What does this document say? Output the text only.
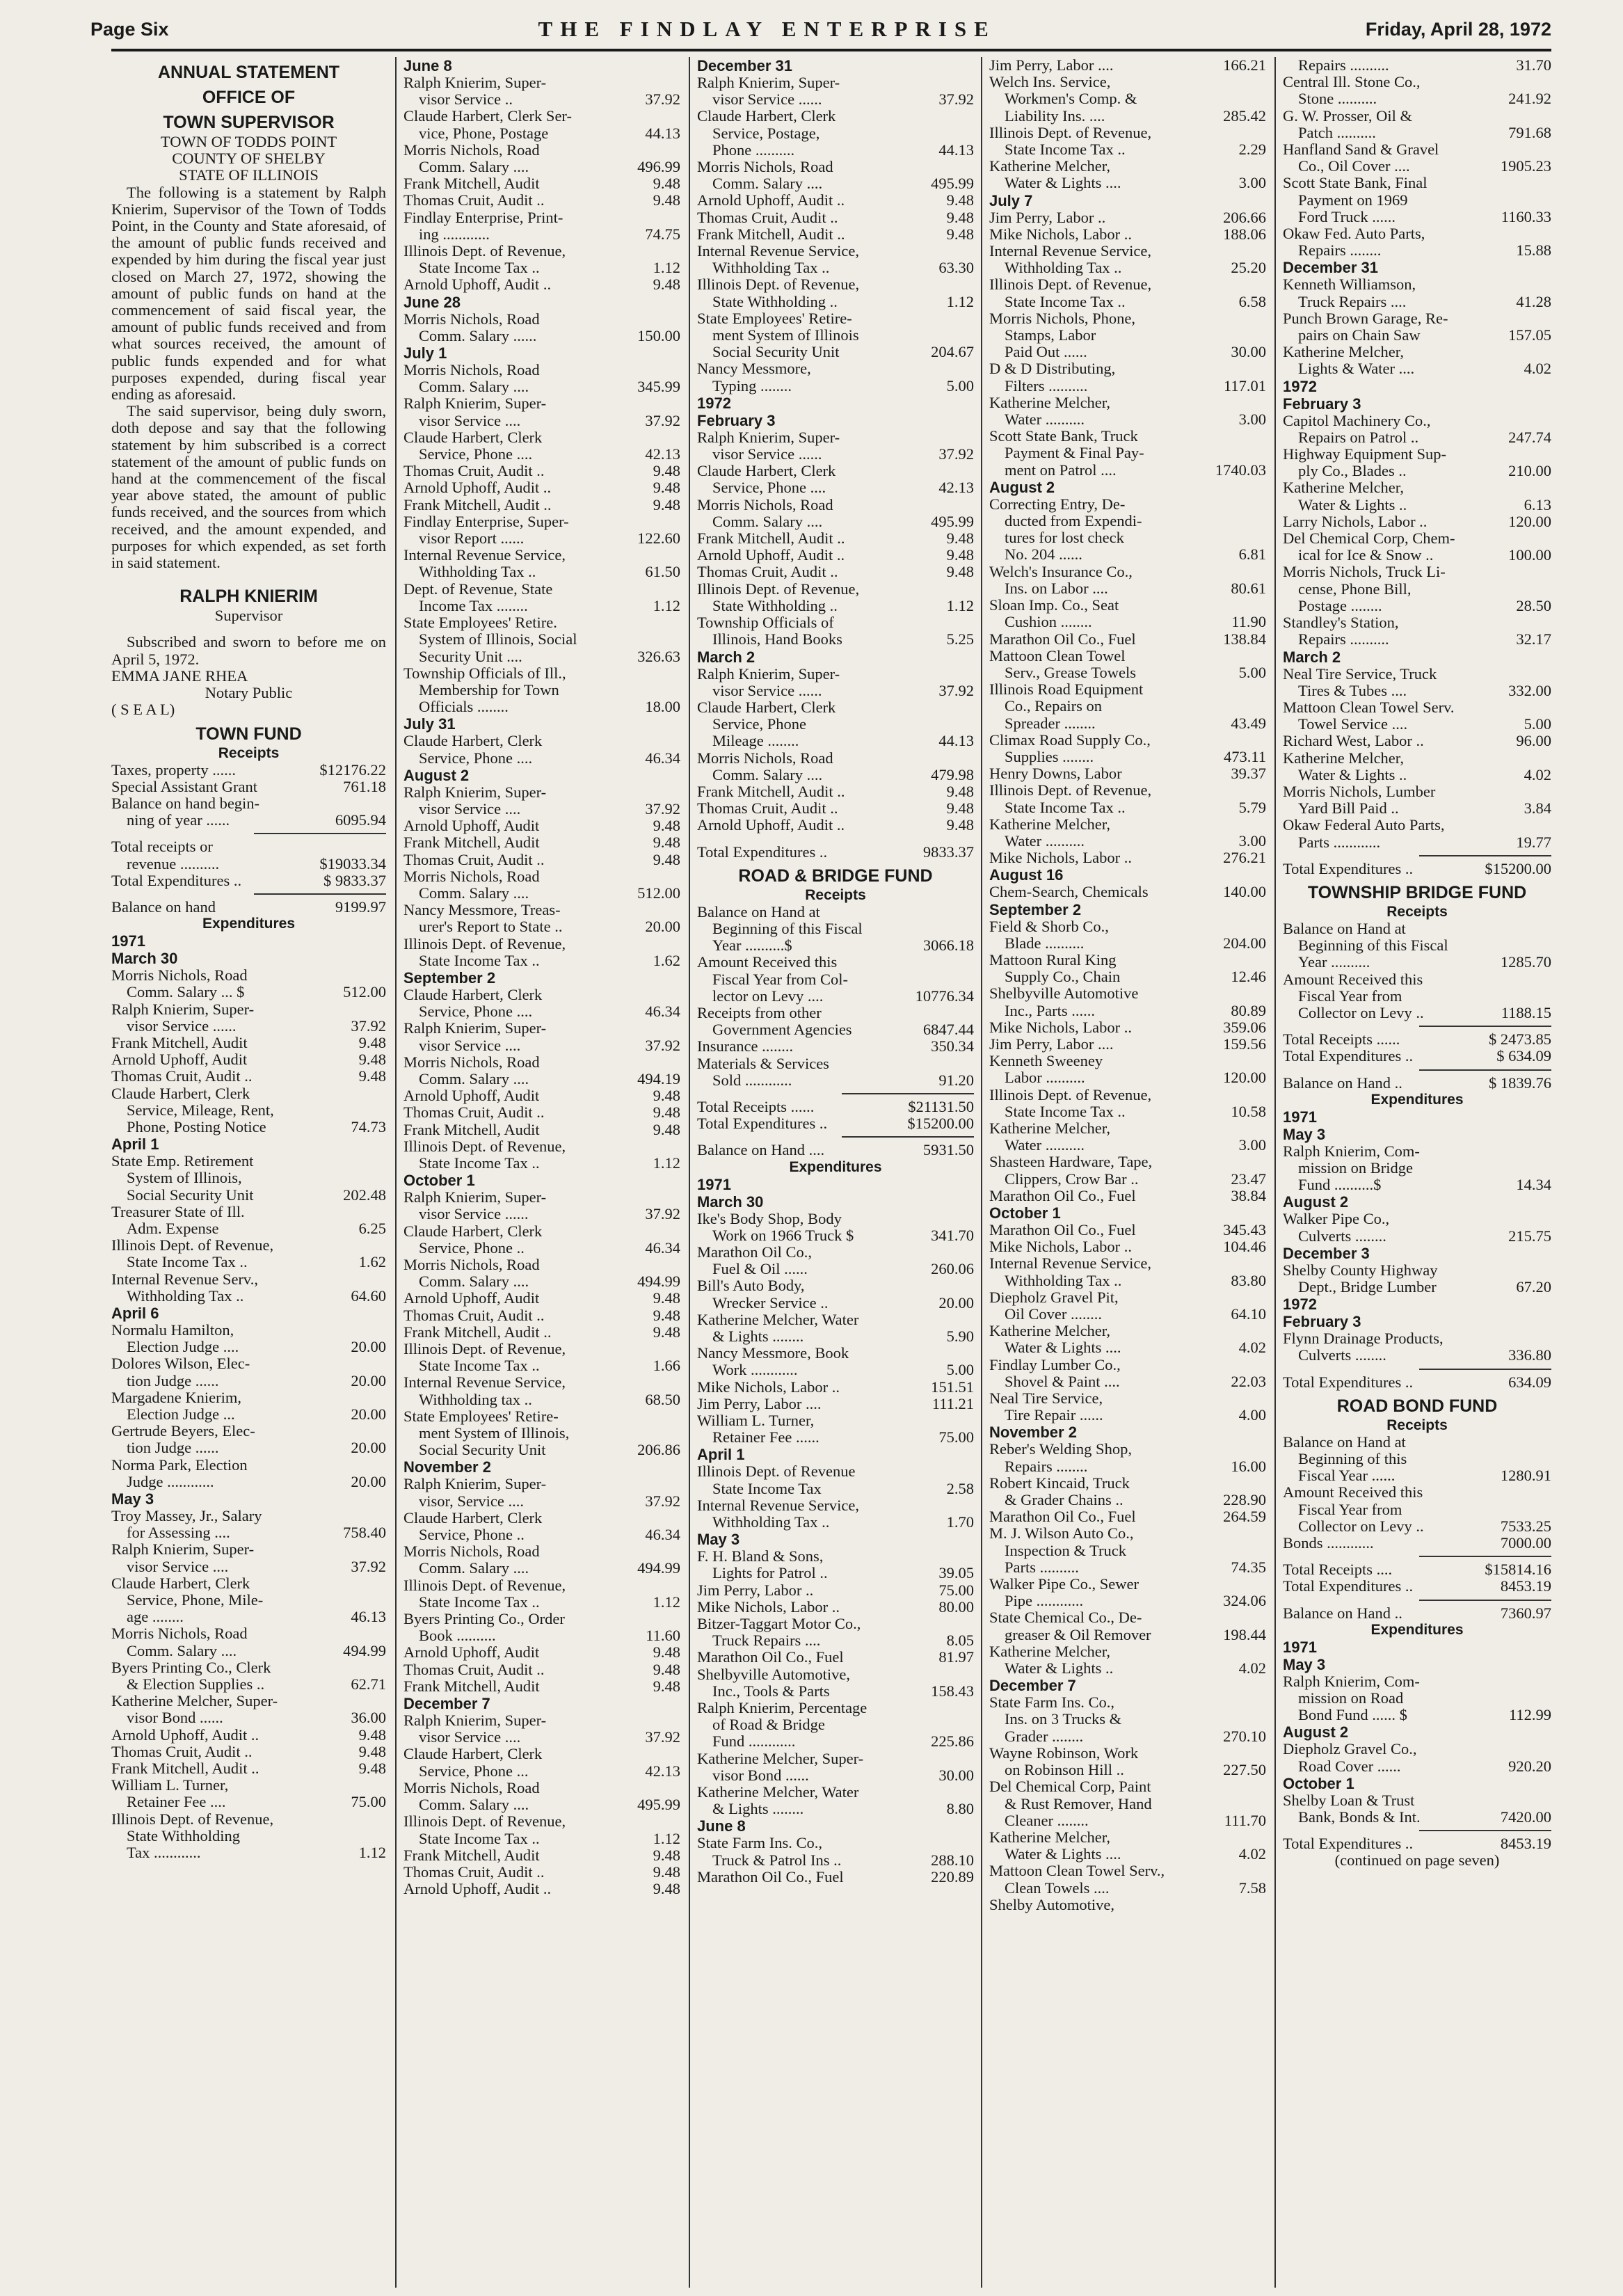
Page Six	THE FINDLAY ENTERPRISE	Friday, April 28, 1972
ANNUAL STATEMENT
OFFICE OF
TOWN SUPERVISOR
TOWN OF TODDS POINT
COUNTY OF SHELBY
STATE OF ILLINOIS
The following is a statement by Ralph Knierim, Supervisor of the Town of Todds Point, in the County and State aforesaid, of the amount of public funds received and expended by him during the fiscal year just closed on March 27, 1972, showing the amount of public funds on hand at the commencement of said fiscal year, the amount of public funds received and from what sources received, the amount of public funds expended and for what purposes expended, during fiscal year ending as aforesaid.
The said supervisor, being duly sworn, doth depose and say that the following statement by him subscribed is a correct statement of the amount of public funds on hand at the commencement of the fiscal year above stated, the amount of public funds received, and the sources from which received, and the amount expended, and purposes for which expended, as set forth in said statement.
RALPH KNIERIM
Supervisor
Subscribed and sworn to before me on April 5, 1972.
EMMA JANE RHEA
Notary Public
( S E A L)
TOWN FUND
Receipts
Taxes, property ......	$12176.22
Special Assistant Grant	761.18
Balance on hand begin-
ning of year ......	6095.94
Total receipts or
revenue ..........	$19033.34
Total Expenditures ..	$ 9833.37
Balance on hand	9199.97
Expenditures
1971
March 30
Morris Nichols, Road
Comm. Salary ... $	512.00
Ralph Knierim, Super-
visor Service ......	37.92
Frank Mitchell, Audit	9.48
Arnold Uphoff, Audit	9.48
Thomas Cruit, Audit ..	9.48
Claude Harbert, Clerk
Service, Mileage, Rent,
Phone, Posting Notice	74.73
April 1
State Emp. Retirement
System of Illinois,
Social Security Unit	202.48
Treasurer State of Ill.
Adm. Expense	6.25
Illinois Dept. of Revenue,
State Income Tax ..	1.62
Internal Revenue Serv.,
Withholding Tax ..	64.60
April 6
Normalu Hamilton,
Election Judge ....	20.00
Dolores Wilson, Elec-
tion Judge ......	20.00
Margadene Knierim,
Election Judge ...	20.00
Gertrude Beyers, Elec-
tion Judge ......	20.00
Norma Park, Election
Judge ............	20.00
May 3
Troy Massey, Jr., Salary
for Assessing ....	758.40
Ralph Knierim, Super-
visor Service ....	37.92
Claude Harbert, Clerk
Service, Phone, Mile-
age ........	46.13
Morris Nichols, Road
Comm. Salary ....	494.99
Byers Printing Co., Clerk
& Election Supplies ..	62.71
Katherine Melcher, Super-
visor Bond ......	36.00
Arnold Uphoff, Audit ..	9.48
Thomas Cruit, Audit ..	9.48
Frank Mitchell, Audit ..	9.48
William L. Turner,
Retainer Fee ....	75.00
Illinois Dept. of Revenue,
State Withholding
Tax ............	1.12
June 8
Ralph Knierim, Super-
visor Service ..	37.92
Claude Harbert, Clerk Ser-
vice, Phone, Postage	44.13
Morris Nichols, Road
Comm. Salary ....	496.99
Frank Mitchell, Audit	9.48
Thomas Cruit, Audit ..	9.48
Findlay Enterprise, Print-
ing ............	74.75
Illinois Dept. of Revenue,
State Income Tax ..	1.12
Arnold Uphoff, Audit ..	9.48
June 28
Morris Nichols, Road
Comm. Salary ......	150.00
July 1
Morris Nichols, Road
Comm. Salary ....	345.99
Ralph Knierim, Super-
visor Service ....	37.92
Claude Harbert, Clerk
Service, Phone ....	42.13
Thomas Cruit, Audit ..	9.48
Arnold Uphoff, Audit ..	9.48
Frank Mitchell, Audit ..	9.48
Findlay Enterprise, Super-
visor Report ......	122.60
Internal Revenue Service,
Withholding Tax ..	61.50
Dept. of Revenue, State
Income Tax ........	1.12
State Employees' Retire.
System of Illinois, Social
Security Unit ....	326.63
Township Officials of Ill.,
Membership for Town
Officials ........	18.00
July 31
Claude Harbert, Clerk
Service, Phone ....	46.34
August 2
Ralph Knierim, Super-
visor Service ....	37.92
Arnold Uphoff, Audit	9.48
Frank Mitchell, Audit	9.48
Thomas Cruit, Audit ..	9.48
Morris Nichols, Road
Comm. Salary ....	512.00
Nancy Messmore, Treas-
urer's Report to State ..	20.00
Illinois Dept. of Revenue,
State Income Tax ..	1.62
September 2
Claude Harbert, Clerk
Service, Phone ....	46.34
Ralph Knierim, Super-
visor Service ....	37.92
Morris Nichols, Road
Comm. Salary ....	494.19
Arnold Uphoff, Audit	9.48
Thomas Cruit, Audit ..	9.48
Frank Mitchell, Audit	9.48
Illinois Dept. of Revenue,
State Income Tax ..	1.12
October 1
Ralph Knierim, Super-
visor Service ......	37.92
Claude Harbert, Clerk
Service, Phone ..	46.34
Morris Nichols, Road
Comm. Salary ....	494.99
Arnold Uphoff, Audit	9.48
Thomas Cruit, Audit ..	9.48
Frank Mitchell, Audit ..	9.48
Illinois Dept. of Revenue,
State Income Tax ..	1.66
Internal Revenue Service,
Withholding tax ..	68.50
State Employees' Retire-
ment System of Illinois,
Social Security Unit	206.86
November 2
Ralph Knierim, Super-
visor, Service ....	37.92
Claude Harbert, Clerk
Service, Phone ..	46.34
Morris Nichols, Road
Comm. Salary ....	494.99
Illinois Dept. of Revenue,
State Income Tax ..	1.12
Byers Printing Co., Order
Book ..........	11.60
Arnold Uphoff, Audit	9.48
Thomas Cruit, Audit ..	9.48
Frank Mitchell, Audit	9.48
December 7
Ralph Knierim, Super-
visor Service ....	37.92
Claude Harbert, Clerk
Service, Phone ...	42.13
Morris Nichols, Road
Comm. Salary ....	495.99
Illinois Dept. of Revenue,
State Income Tax ..	1.12
Frank Mitchell, Audit	9.48
Thomas Cruit, Audit ..	9.48
Arnold Uphoff, Audit ..	9.48
December 31
Ralph Knierim, Super-
visor Service ......	37.92
Claude Harbert, Clerk
Service, Postage,
Phone ..........	44.13
Morris Nichols, Road
Comm. Salary ....	495.99
Arnold Uphoff, Audit ..	9.48
Thomas Cruit, Audit ..	9.48
Frank Mitchell, Audit ..	9.48
Internal Revenue Service,
Withholding Tax ..	63.30
Illinois Dept. of Revenue,
State Withholding ..	1.12
State Employees' Retire-
ment System of Illinois
Social Security Unit	204.67
Nancy Messmore,
Typing ........	5.00
1972
February 3
Ralph Knierim, Super-
visor Service ......	37.92
Claude Harbert, Clerk
Service, Phone ....	42.13
Morris Nichols, Road
Comm. Salary ....	495.99
Frank Mitchell, Audit ..	9.48
Arnold Uphoff, Audit ..	9.48
Thomas Cruit, Audit ..	9.48
Illinois Dept. of Revenue,
State Withholding ..	1.12
Township Officials of
Illinois, Hand Books	5.25
March 2
Ralph Knierim, Super-
visor Service ......	37.92
Claude Harbert, Clerk
Service, Phone
Mileage ........	44.13
Morris Nichols, Road
Comm. Salary ....	479.98
Frank Mitchell, Audit ..	9.48
Thomas Cruit, Audit ..	9.48
Arnold Uphoff, Audit ..	9.48
Total Expenditures ..	9833.37
ROAD & BRIDGE FUND
Receipts
Balance on Hand at
Beginning of this Fiscal
Year ..........$	3066.18
Amount Received this
Fiscal Year from Col-
lector on Levy ....	10776.34
Receipts from other
Government Agencies	6847.44
Insurance ........	350.34
Materials & Services
Sold ............	91.20
Total Receipts ......	$21131.50
Total Expenditures ..	$15200.00
Balance on Hand ....	5931.50
Expenditures
1971
March 30
Ike's Body Shop, Body
Work on 1966 Truck $	341.70
Marathon Oil Co.,
Fuel & Oil ......	260.06
Bill's Auto Body,
Wrecker Service ..	20.00
Katherine Melcher, Water
& Lights ........	5.90
Nancy Messmore, Book
Work ............	5.00
Mike Nichols, Labor ..	151.51
Jim Perry, Labor ....	111.21
William L. Turner,
Retainer Fee ......	75.00
April 1
Illinois Dept. of Revenue
State Income Tax	2.58
Internal Revenue Service,
Withholding Tax ..	1.70
May 3
F. H. Bland & Sons,
Lights for Patrol ..	39.05
Jim Perry, Labor ..	75.00
Mike Nichols, Labor ..	80.00
Bitzer-Taggart Motor Co.,
Truck Repairs ....	8.05
Marathon Oil Co., Fuel	81.97
Shelbyville Automotive,
Inc., Tools & Parts	158.43
Ralph Knierim, Percentage
of Road & Bridge
Fund ............	225.86
Katherine Melcher, Super-
visor Bond ......	30.00
Katherine Melcher, Water
& Lights ........	8.80
June 8
State Farm Ins. Co.,
Truck & Patrol Ins ..	288.10
Marathon Oil Co., Fuel	220.89
Jim Perry, Labor ....	166.21
Welch Ins. Service,
Workmen's Comp. &
Liability Ins. ....	285.42
Illinois Dept. of Revenue,
State Income Tax ..	2.29
Katherine Melcher,
Water & Lights ....	3.00
July 7
Jim Perry, Labor ..	206.66
Mike Nichols, Labor ..	188.06
Internal Revenue Service,
Withholding Tax ..	25.20
Illinois Dept. of Revenue,
State Income Tax ..	6.58
Morris Nichols, Phone,
Stamps, Labor
Paid Out ......	30.00
D & D Distributing,
Filters ..........	117.01
Katherine Melcher,
Water ..........	3.00
Scott State Bank, Truck
Payment & Final Pay-
ment on Patrol ....	1740.03
August 2
Correcting Entry, De-
ducted from Expendi-
tures for lost check
No. 204 ......	6.81
Welch's Insurance Co.,
Ins. on Labor ....	80.61
Sloan Imp. Co., Seat
Cushion ........	11.90
Marathon Oil Co., Fuel	138.84
Mattoon Clean Towel
Serv., Grease Towels	5.00
Illinois Road Equipment
Co., Repairs on
Spreader ........	43.49
Climax Road Supply Co.,
Supplies ........	473.11
Henry Downs, Labor	39.37
Illinois Dept. of Revenue,
State Income Tax ..	5.79
Katherine Melcher,
Water ..........	3.00
Mike Nichols, Labor ..	276.21
August 16
Chem-Search, Chemicals	140.00
September 2
Field & Shorb Co.,
Blade ..........	204.00
Mattoon Rural King
Supply Co., Chain	12.46
Shelbyville Automotive
Inc., Parts ......	80.89
Mike Nichols, Labor ..	359.06
Jim Perry, Labor ....	159.56
Kenneth Sweeney
Labor ..........	120.00
Illinois Dept. of Revenue,
State Income Tax ..	10.58
Katherine Melcher,
Water ..........	3.00
Shasteen Hardware, Tape,
Clippers, Crow Bar ..	23.47
Marathon Oil Co., Fuel	38.84
October 1
Marathon Oil Co., Fuel	345.43
Mike Nichols, Labor ..	104.46
Internal Revenue Service,
Withholding Tax ..	83.80
Diepholz Gravel Pit,
Oil Cover ........	64.10
Katherine Melcher,
Water & Lights ....	4.02
Findlay Lumber Co.,
Shovel & Paint ....	22.03
Neal Tire Service,
Tire Repair ......	4.00
November 2
Reber's Welding Shop,
Repairs ........	16.00
Robert Kincaid, Truck
& Grader Chains ..	228.90
Marathon Oil Co., Fuel	264.59
M. J. Wilson Auto Co.,
Inspection & Truck
Parts ..........	74.35
Walker Pipe Co., Sewer
Pipe ............	324.06
State Chemical Co., De-
greaser & Oil Remover	198.44
Katherine Melcher,
Water & Lights ..	4.02
December 7
State Farm Ins. Co.,
Ins. on 3 Trucks &
Grader ........	270.10
Wayne Robinson, Work
on Robinson Hill ..	227.50
Del Chemical Corp, Paint
& Rust Remover, Hand
Cleaner ........	111.70
Katherine Melcher,
Water & Lights ....	4.02
Mattoon Clean Towel Serv.,
Clean Towels ....	7.58
Shelby Automotive,
Repairs ..........	31.70
Central Ill. Stone Co.,
Stone ..........	241.92
G. W. Prosser, Oil &
Patch ..........	791.68
Hanfland Sand & Gravel
Co., Oil Cover ....	1905.23
Scott State Bank, Final
Payment on 1969
Ford Truck ......	1160.33
Okaw Fed. Auto Parts,
Repairs ........	15.88
December 31
Kenneth Williamson,
Truck Repairs ....	41.28
Punch Brown Garage, Re-
pairs on Chain Saw	157.05
Katherine Melcher,
Lights & Water ....	4.02
1972
February 3
Capitol Machinery Co.,
Repairs on Patrol ..	247.74
Highway Equipment Sup-
ply Co., Blades ..	210.00
Katherine Melcher,
Water & Lights ..	6.13
Larry Nichols, Labor ..	120.00
Del Chemical Corp, Chem-
ical for Ice & Snow ..	100.00
Morris Nichols, Truck Li-
cense, Phone Bill,
Postage ........	28.50
Standley's Station,
Repairs ..........	32.17
March 2
Neal Tire Service, Truck
Tires & Tubes ....	332.00
Mattoon Clean Towel Serv.
Towel Service ....	5.00
Richard West, Labor ..	96.00
Katherine Melcher,
Water & Lights ..	4.02
Morris Nichols, Lumber
Yard Bill Paid ..	3.84
Okaw Federal Auto Parts,
Parts ............	19.77
Total Expenditures ..	$15200.00
TOWNSHIP BRIDGE FUND
Receipts
Balance on Hand at
Beginning of this Fiscal
Year ..........	1285.70
Amount Received this
Fiscal Year from
Collector on Levy ..	1188.15
Total Receipts ......	$ 2473.85
Total Expenditures ..	$ 634.09
Balance on Hand ..	$ 1839.76
Expenditures
1971
May 3
Ralph Knierim, Com-
mission on Bridge
Fund ..........$	14.34
August 2
Walker Pipe Co.,
Culverts ........	215.75
December 3
Shelby County Highway
Dept., Bridge Lumber	67.20
1972
February 3
Flynn Drainage Products,
Culverts ........	336.80
Total Expenditures ..	634.09
ROAD BOND FUND
Receipts
Balance on Hand at
Beginning of this
Fiscal Year ......	1280.91
Amount Received this
Fiscal Year from
Collector on Levy ..	7533.25
Bonds ............	7000.00
Total Receipts ....	$15814.16
Total Expenditures ..	8453.19
Balance on Hand ..	7360.97
Expenditures
1971
May 3
Ralph Knierim, Com-
mission on Road
Bond Fund ...... $	112.99
August 2
Diepholz Gravel Co.,
Road Cover ......	920.20
October 1
Shelby Loan & Trust
Bank, Bonds & Int.	7420.00
Total Expenditures ..	8453.19
(continued on page seven)
